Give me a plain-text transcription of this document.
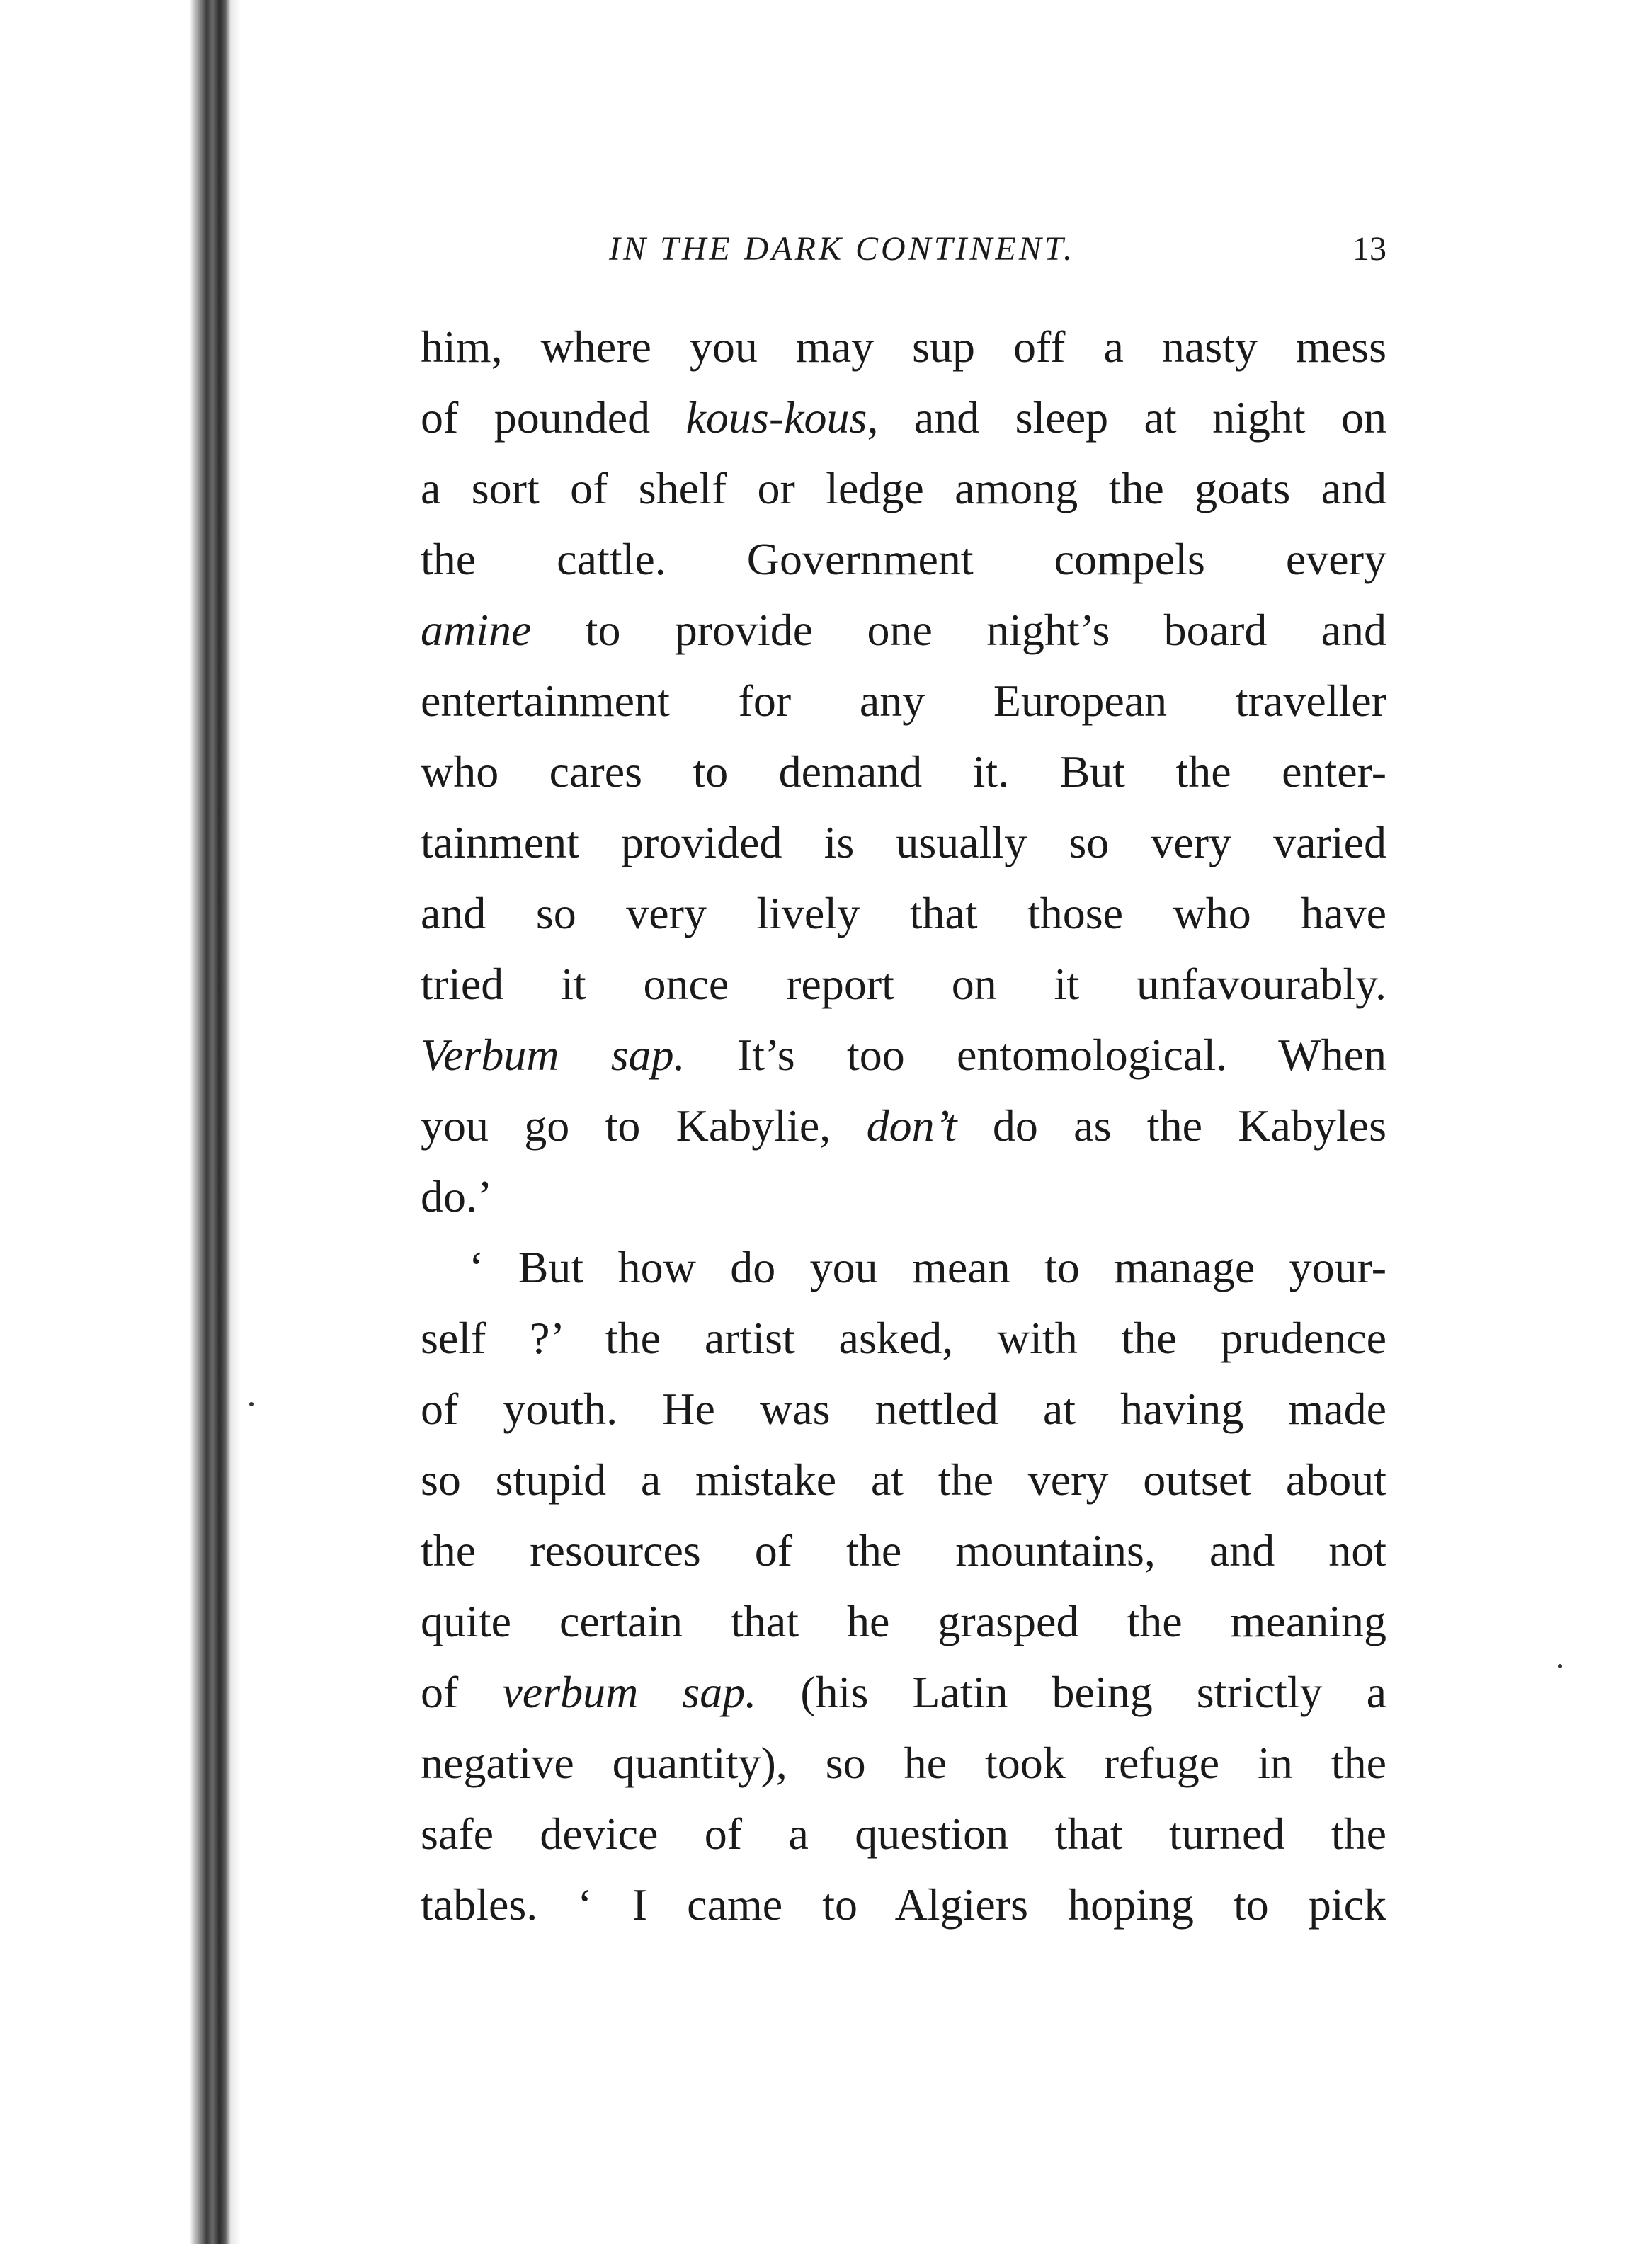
IN THE DARK CONTINENT.	13
him, where you may sup off a nasty mess
of pounded kous-kous, and sleep at night on
a sort of shelf or ledge among the goats and
the cattle. Government compels every
amine to provide one night’s board and
entertainment for any European traveller
who cares to demand it. But the enter-
tainment provided is usually so very varied
and so very lively that those who have
tried it once report on it unfavourably.
Verbum sap. It’s too entomological. When
you go to Kabylie, don’t do as the Kabyles
do.’
‘ But how do you mean to manage your-
self ?’ the artist asked, with the prudence
of youth. He was nettled at having made
so stupid a mistake at the very outset about
the resources of the mountains, and not
quite certain that he grasped the meaning
of verbum sap. (his Latin being strictly a
negative quantity), so he took refuge in the
safe device of a question that turned the
tables. ‘ I came to Algiers hoping to pick
